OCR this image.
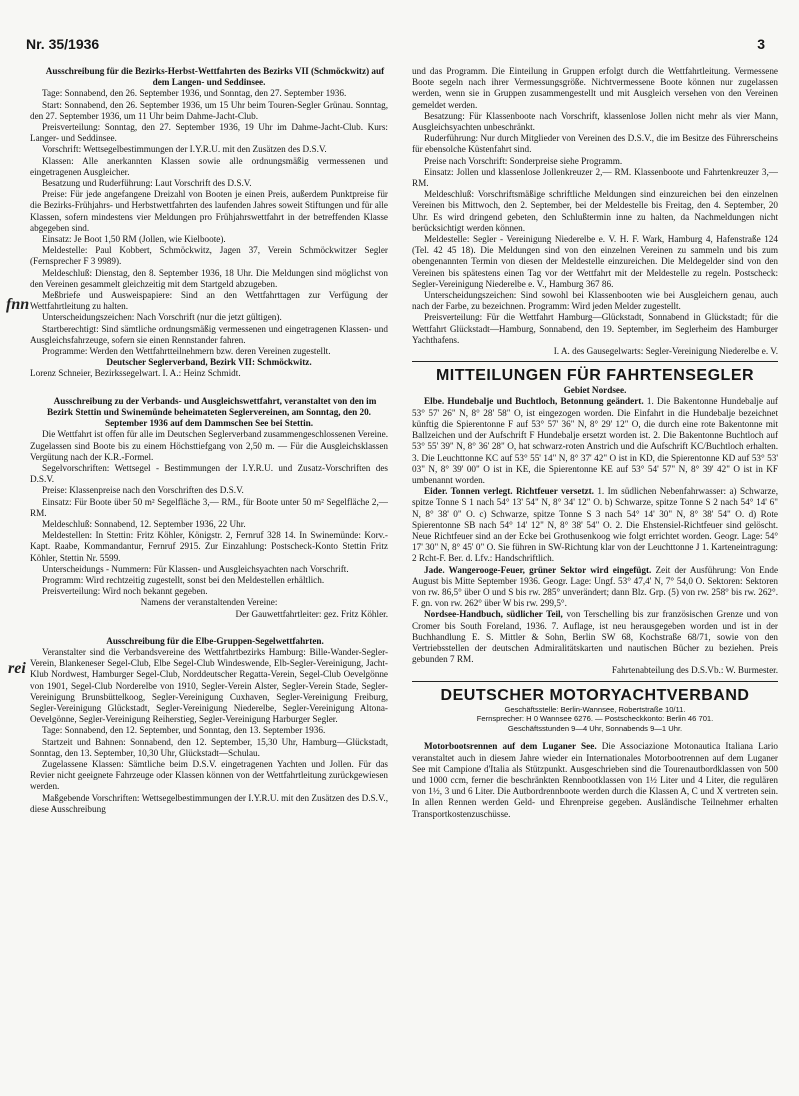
Nr. 35/1936	3
fnn
rei

Ausschreibung für die Bezirks-Herbst-Wettfahrten des Bezirks VII (Schmöckwitz) auf dem Langen- und Seddinsee.

Tage: Sonnabend, den 26. September 1936, und Sonntag, den 27. September 1936.

Start: Sonnabend, den 26. September 1936, um 15 Uhr beim Touren-Segler Grünau. Sonntag, den 27. September 1936, um 11 Uhr beim Dahme-Jacht-Club.

Preisverteilung: Sonntag, den 27. September 1936, 19 Uhr im Dahme-Jacht-Club. Kurs: Langer- und Seddinsee.

Vorschrift: Wettsegelbestimmungen der I.Y.R.U. mit den Zusätzen des D.S.V.

Klassen: Alle anerkannten Klassen sowie alle ordnungsmäßig vermessenen und eingetragenen Ausgleicher.

Besatzung und Ruderführung: Laut Vorschrift des D.S.V.

Preise: Für jede angefangene Dreizahl von Booten je einen Preis, außerdem Punktpreise für die Bezirks-Frühjahrs- und Herbstwettfahrten des laufenden Jahres soweit Stiftungen und für alle Klassen, sofern mindestens vier Meldungen pro Frühjahrswettfahrt in der betreffenden Klasse abgegeben sind.

Einsatz: Je Boot 1,50 RM (Jollen, wie Kielboote).

Meldestelle: Paul Kobbert, Schmöckwitz, Jagen 37, Verein Schmöckwitzer Segler (Fernsprecher F 3 9989).

Meldeschluß: Dienstag, den 8. September 1936, 18 Uhr. Die Meldungen sind möglichst von den Vereinen gesammelt gleichzeitig mit dem Startgeld abzugeben.

Meßbriefe und Ausweispapiere: Sind an den Wettfahrttagen zur Verfügung der Wettfahrtleitung zu halten.

Unterscheidungszeichen: Nach Vorschrift (nur die jetzt gültigen).

Startberechtigt: Sind sämtliche ordnungsmäßig vermessenen und eingetragenen Klassen- und Ausgleichsfahrzeuge, sofern sie einen Rennstander fahren.

Programme: Werden den Wettfahrtteilnehmern bzw. deren Vereinen zugestellt.

Deutscher Seglerverband, Bezirk VII: Schmöckwitz.

Lorenz Schneier, Bezirkssegelwart. I. A.: Heinz Schmidt.

Ausschreibung zu der Verbands- und Ausgleichswettfahrt, veranstaltet von den im Bezirk Stettin und Swinemünde beheimateten Seglervereinen, am Sonntag, den 20. September 1936 auf dem Dammschen See bei Stettin.

Die Wettfahrt ist offen für alle im Deutschen Seglerverband zusammengeschlossenen Vereine. Zugelassen sind Boote bis zu einem Höchsttiefgang von 2,50 m. — Für die Ausgleichsklassen Vergütung nach der K.R.-Formel.

Segelvorschriften: Wettsegel - Bestimmungen der I.Y.R.U. und Zusatz-Vorschriften des D.S.V.

Preise: Klassenpreise nach den Vorschriften des D.S.V.

Einsatz: Für Boote über 50 m² Segelfläche 3,— RM., für Boote unter 50 m² Segelfläche 2,— RM.

Meldeschluß: Sonnabend, 12. September 1936, 22 Uhr.

Meldestellen: In Stettin: Fritz Köhler, Königstr. 2, Fernruf 328 14. In Swinemünde: Korv.-Kapt. Raabe, Kommandantur, Fernruf 2915. Zur Einzahlung: Postscheck-Konto Stettin Fritz Köhler, Stettin Nr. 5599.

Unterscheidungs - Nummern: Für Klassen- und Ausgleichsyachten nach Vorschrift.

Programm: Wird rechtzeitig zugestellt, sonst bei den Meldestellen erhältlich.

Preisverteilung: Wird noch bekannt gegeben.

Namens der veranstaltenden Vereine:

Der Gauwettfahrtleiter: gez. Fritz Köhler.

Ausschreibung für die Elbe-Gruppen-Segelwettfahrten.

Veranstalter sind die Verbandsvereine des Wettfahrtbezirks Hamburg: Bille-Wander-Segler-Verein, Blankeneser Segel-Club, Elbe Segel-Club Windeswende, Elb-Segler-Vereinigung, Jacht-Klub Nordwest, Hamburger Segel-Club, Norddeutscher Regatta-Verein, Segel-Club Oevelgönne von 1901, Segel-Club Norderelbe von 1910, Segler-Verein Alster, Segler-Verein Stade, Segler-Vereinigung Brunsbüttelkoog, Segler-Vereinigung Cuxhaven, Segler-Vereinigung Freiburg, Segler-Vereinigung Glückstadt, Segler-Vereinigung Niederelbe, Segler-Vereinigung Altona-Oevelgönne, Segler-Vereinigung Reiherstieg, Segler-Vereinigung Harburger Segler.

Tage: Sonnabend, den 12. September, und Sonntag, den 13. September 1936.

Startzeit und Bahnen: Sonnabend, den 12. September, 15,30 Uhr, Hamburg—Glückstadt, Sonntag, den 13. September, 10,30 Uhr, Glückstadt—Schulau.

Zugelassene Klassen: Sämtliche beim D.S.V. eingetragenen Yachten und Jollen. Für das Revier nicht geeignete Fahrzeuge oder Klassen können von der Wettfahrtleitung zurückgewiesen werden.

Maßgebende Vorschriften: Wettsegelbestimmungen der I.Y.R.U. mit den Zusätzen des D.S.V., diese Ausschreibung

und das Programm. Die Einteilung in Gruppen erfolgt durch die Wettfahrtleitung. Vermessene Boote segeln nach ihrer Vermessungsgröße. Nichtvermessene Boote können nur zugelassen werden, wenn sie in Gruppen zusammengestellt und mit Ausgleich versehen von den Vereinen gemeldet werden.

Besatzung: Für Klassenboote nach Vorschrift, klassenlose Jollen nicht mehr als vier Mann, Ausgleichsyachten unbeschränkt.

Ruderführung: Nur durch Mitglieder von Vereinen des D.S.V., die im Besitze des Führerscheins für ebensolche Küstenfahrt sind.

Preise nach Vorschrift: Sonderpreise siehe Programm.

Einsatz: Jollen und klassenlose Jollenkreuzer 2,— RM. Klassenboote und Fahrtenkreuzer 3,— RM.

Meldeschluß: Vorschriftsmäßige schriftliche Meldungen sind einzureichen bei den einzelnen Vereinen bis Mittwoch, den 2. September, bei der Meldestelle bis Freitag, den 4. September, 20 Uhr. Es wird dringend gebeten, den Schlußtermin inne zu halten, da Nachmeldungen nicht berücksichtigt werden können.

Meldestelle: Segler - Vereinigung Niederelbe e. V. H. F. Wark, Hamburg 4, Hafenstraße 124 (Tel. 42 45 18). Die Meldungen sind von den einzelnen Vereinen zu sammeln und bis zum obengenannten Termin von diesen der Meldestelle einzureichen. Die Meldegelder sind von den Vereinen bis spätestens einen Tag vor der Wettfahrt mit der Meldestelle zu regeln. Postscheck: Segler-Vereinigung Niederelbe e. V., Hamburg 367 86.

Unterscheidungszeichen: Sind sowohl bei Klassenbooten wie bei Ausgleichern genau, auch nach der Farbe, zu bezeichnen. Programm: Wird jeden Melder zugestellt.

Preisverteilung: Für die Wettfahrt Hamburg—Glückstadt, Sonnabend in Glückstadt; für die Wettfahrt Glückstadt—Hamburg, Sonnabend, den 19. September, im Seglerheim des Hamburger Yachthafens.

I. A. des Gausegelwarts: Segler-Vereinigung Niederelbe e. V.

MITTEILUNGEN FÜR FAHRTENSEGLER

Gebiet Nordsee.

Elbe. Hundebalje und Buchtloch, Betonnung geändert. 1. Die Bakentonne Hundebalje auf 53° 57' 26" N, 8° 28' 58" O, ist eingezogen worden. Die Einfahrt in die Hundebalje bezeichnet künftig die Spierentonne F auf 53° 57' 36" N, 8° 29' 12" O, die durch eine rote Bakentonne mit Ballzeichen und der Aufschrift F Hundebalje ersetzt worden ist. 2. Die Bakentonne Buchtloch auf 53° 55' 39" N, 8° 36' 28" O, hat schwarz-roten Anstrich und die Aufschrift KC/Buchtloch erhalten. 3. Die Leuchttonne KC auf 53° 55' 14" N, 8° 37' 42" O ist in KD, die Spierentonne KD auf 53° 53' 03" N, 8° 39' 00" O ist in KE, die Spierentonne KE auf 53° 54' 57" N, 8° 39' 42" O ist in KF umbenannt worden.

Eider. Tonnen verlegt. Richtfeuer versetzt. 1. Im südlichen Nebenfahrwasser: a) Schwarze, spitze Tonne S 1 nach 54° 13' 54" N, 8° 34' 12" O. b) Schwarze, spitze Tonne S 2 nach 54° 14' 6" N, 8° 38' 0" O. c) Schwarze, spitze Tonne S 3 nach 54° 14' 30" N, 8° 38' 54" O. d) Rote Spierentonne SB nach 54° 14' 12" N, 8° 38' 54" O. 2. Die Ehstensiel-Richtfeuer sind gelöscht. Neue Richtfeuer sind an der Ecke bei Grothusenkoog wie folgt errichtet worden. Geogr. Lage: 54° 17' 30" N, 8° 45' 0" O. Sie führen in SW-Richtung klar von der Leuchttonne J 1. Karteneintragung: 2 Rcht-F. Ber. d. Lfv.: Handschriftlich.

Jade. Wangerooge-Feuer, grüner Sektor wird eingefügt. Zeit der Ausführung: Von Ende August bis Mitte September 1936. Geogr. Lage: Ungf. 53° 47,4' N, 7° 54,0 O. Sektoren: Sektoren von rw. 86,5° über O und S bis rw. 285° unverändert; dann Blz. Grp. (5) von rw. 258° bis rw. 262°. F. gn. von rw. 262° über W bis rw. 299,5°.

Nordsee-Handbuch, südlicher Teil, von Terschelling bis zur französischen Grenze und von Cromer bis South Foreland, 1936. 7. Auflage, ist neu herausgegeben worden und ist in der Buchhandlung E. S. Mittler & Sohn, Berlin SW 68, Kochstraße 68/71, sowie von den Vertriebsstellen der deutschen Admiralitätskarten und nautischen Bücher zu beziehen. Preis gebunden 7 RM.

Fahrtenabteilung des D.S.Vb.: W. Burmester.

DEUTSCHER MOTORYACHTVERBAND
Geschäftsstelle: Berlin-Wannsee, Robertstraße 10/11.
Fernsprecher: H 0 Wannsee 6276. — Postscheckkonto: Berlin 46 701.
Geschäftsstunden 9—4 Uhr, Sonnabends 9—1 Uhr.

Motorbootsrennen auf dem Luganer See. Die Associazione Motonautica Italiana Lario veranstaltet auch in diesem Jahre wieder ein Internationales Motorbootrennen auf dem Luganer See mit Campione d'Italia als Stützpunkt. Ausgeschrieben sind die Tourenautbordklassen von 500 und 1000 ccm, ferner die beschränkten Rennbootklassen von 1½ Liter und 4 Liter, die regulären von 1½, 3 und 6 Liter. Die Autbordrennboote werden durch die Klassen A, C und X vertreten sein. In allen Rennen werden Geld- und Ehrenpreise gegeben. Ausländische Teilnehmer erhalten Transportkostenzuschüsse.
